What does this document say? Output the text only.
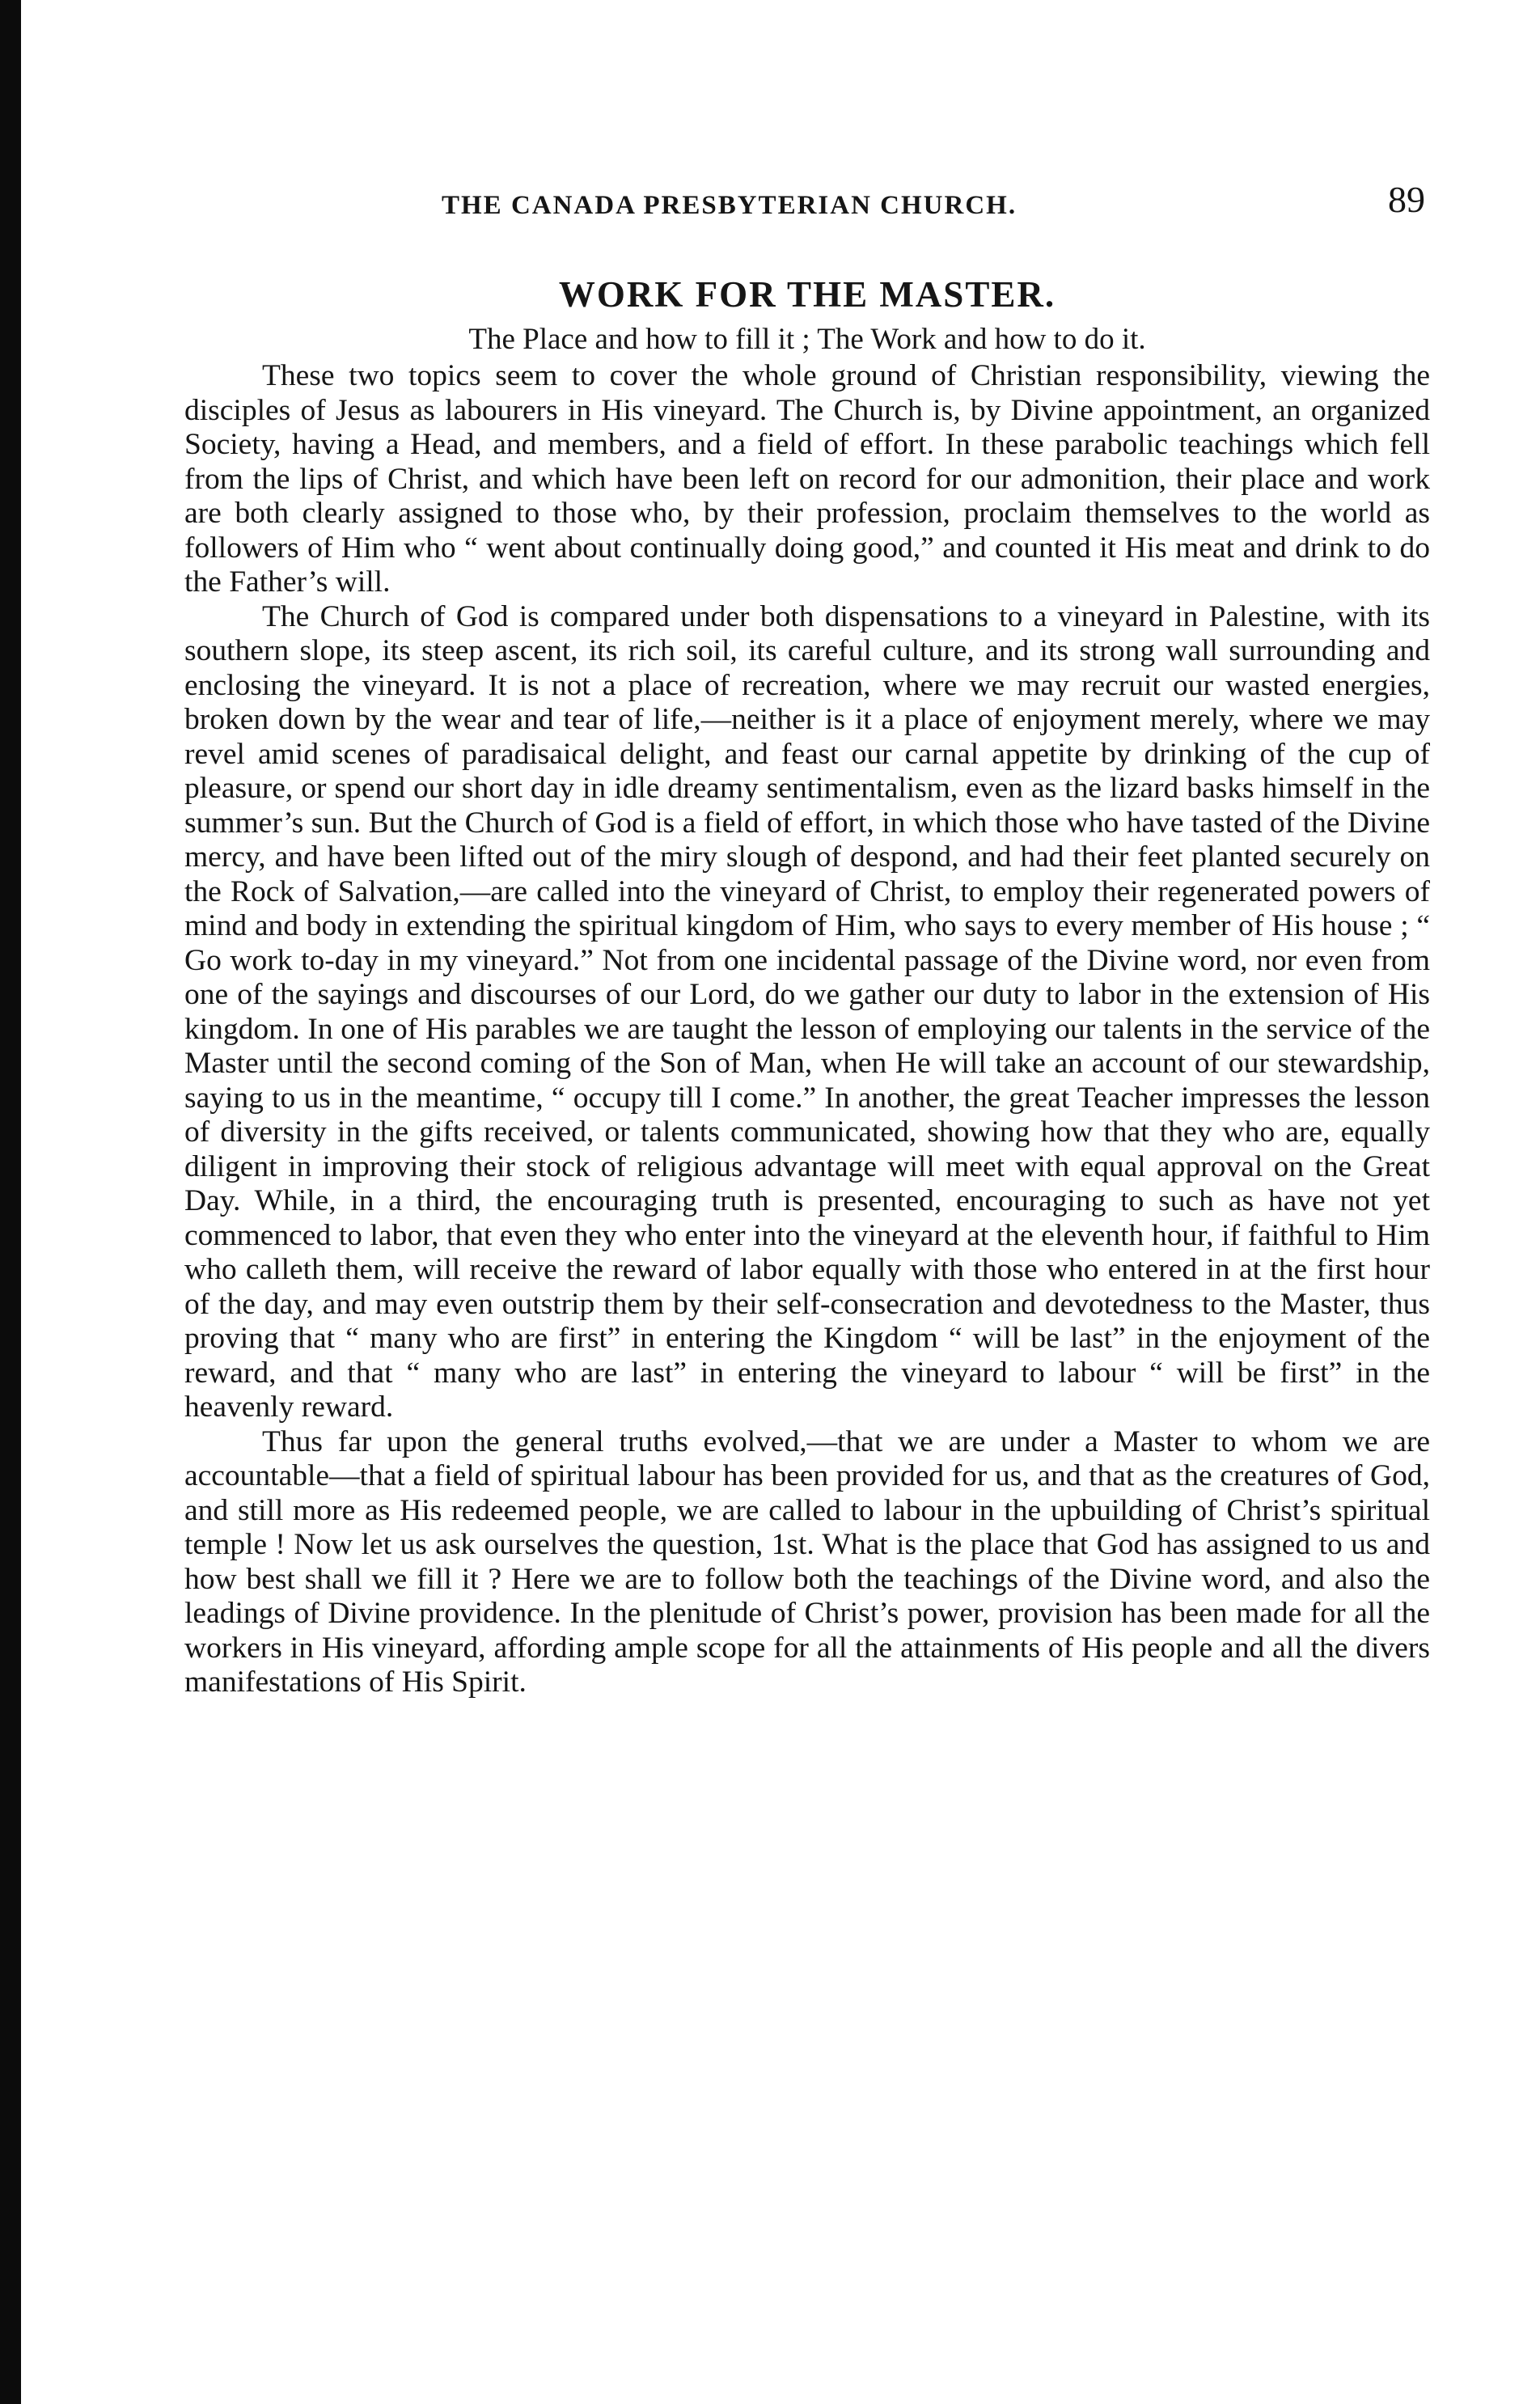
THE CANADA PRESBYTERIAN CHURCH.	89
WORK FOR THE MASTER.
The Place and how to fill it ; The Work and how to do it.

These two topics seem to cover the whole ground of Christian responsibility, viewing the disciples of Jesus as labourers in His vineyard. The Church is, by Divine appointment, an organized Society, having a Head, and members, and a field of effort. In these parabolic teachings which fell from the lips of Christ, and which have been left on record for our admonition, their place and work are both clearly assigned to those who, by their profession, proclaim themselves to the world as followers of Him who “ went about continually doing good,” and counted it His meat and drink to do the Father’s will.

The Church of God is compared under both dispensations to a vineyard in Palestine, with its southern slope, its steep ascent, its rich soil, its careful culture, and its strong wall surrounding and enclosing the vineyard. It is not a place of recreation, where we may recruit our wasted energies, broken down by the wear and tear of life,—neither is it a place of enjoyment merely, where we may revel amid scenes of paradisaical delight, and feast our carnal appetite by drinking of the cup of pleasure, or spend our short day in idle dreamy sentimentalism, even as the lizard basks himself in the summer’s sun. But the Church of God is a field of effort, in which those who have tasted of the Divine mercy, and have been lifted out of the miry slough of despond, and had their feet planted securely on the Rock of Salvation,—are called into the vineyard of Christ, to employ their regenerated powers of mind and body in extending the spiritual kingdom of Him, who says to every member of His house ; “ Go work to-day in my vineyard.” Not from one incidental passage of the Divine word, nor even from one of the sayings and discourses of our Lord, do we gather our duty to labor in the extension of His kingdom. In one of His parables we are taught the lesson of employing our talents in the service of the Master until the second coming of the Son of Man, when He will take an account of our stewardship, saying to us in the meantime, “ occupy till I come.” In another, the great Teacher impresses the lesson of diversity in the gifts received, or talents communicated, showing how that they who are, equally diligent in improving their stock of religious advantage will meet with equal approval on the Great Day. While, in a third, the encouraging truth is presented, encouraging to such as have not yet commenced to labor, that even they who enter into the vineyard at the eleventh hour, if faithful to Him who calleth them, will receive the reward of labor equally with those who entered in at the first hour of the day, and may even outstrip them by their self-consecration and devotedness to the Master, thus proving that “ many who are first” in entering the Kingdom “ will be last” in the enjoyment of the reward, and that “ many who are last” in entering the vineyard to labour “ will be first” in the heavenly reward.

Thus far upon the general truths evolved,—that we are under a Master to whom we are accountable—that a field of spiritual labour has been provided for us, and that as the creatures of God, and still more as His redeemed people, we are called to labour in the upbuilding of Christ’s spiritual temple ! Now let us ask ourselves the question, 1st. What is the place that God has assigned to us and how best shall we fill it ? Here we are to follow both the teachings of the Divine word, and also the leadings of Divine providence. In the plenitude of Christ’s power, provision has been made for all the workers in His vineyard, affording ample scope for all the attainments of His people and all the divers manifestations of His Spirit.
